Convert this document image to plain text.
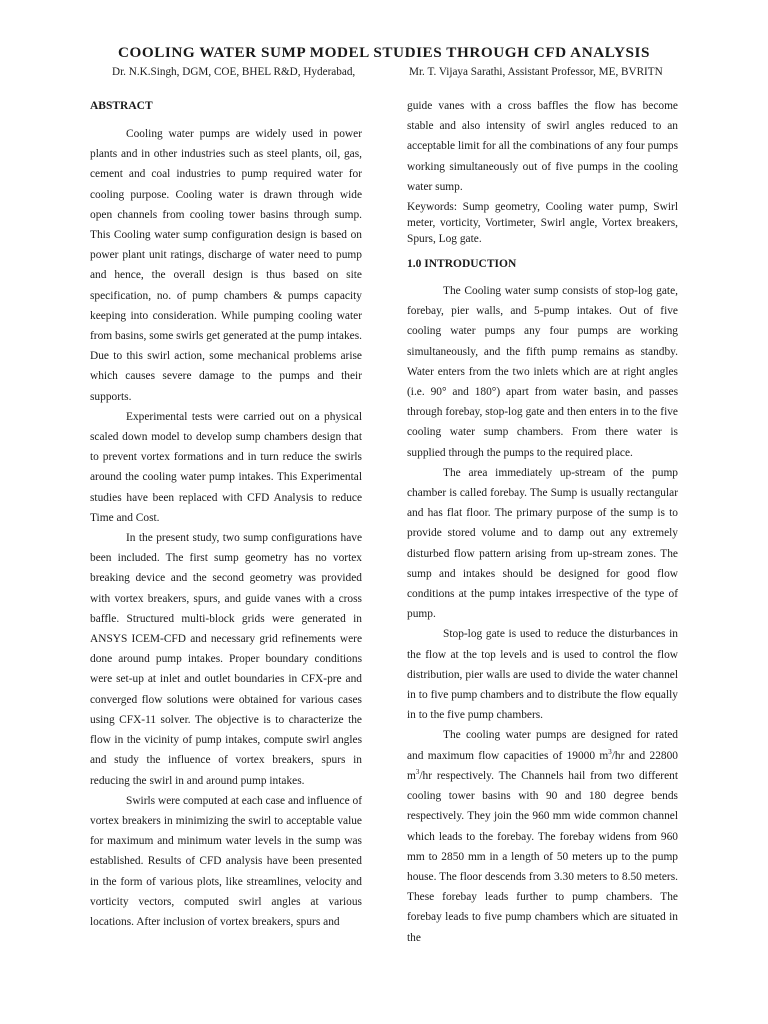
COOLING WATER SUMP MODEL STUDIES THROUGH CFD ANALYSIS

Dr. N.K.Singh, DGM, COE, BHEL R&D, Hyderabad,	Mr. T. Vijaya Sarathi, Assistant Professor, ME, BVRITN

ABSTRACT

Cooling water pumps are widely used in power plants and in other industries such as steel plants, oil, gas, cement and coal industries to pump required water for cooling purpose. Cooling water is drawn through wide open channels from cooling tower basins through sump. This Cooling water sump configuration design is based on power plant unit ratings, discharge of water need to pump and hence, the overall design is thus based on site specification, no. of pump chambers & pumps capacity keeping into consideration. While pumping cooling water from basins, some swirls get generated at the pump intakes. Due to this swirl action, some mechanical problems arise which causes severe damage to the pumps and their supports.

Experimental tests were carried out on a physical scaled down model to develop sump chambers design that to prevent vortex formations and in turn reduce the swirls around the cooling water pump intakes. This Experimental studies have been replaced with CFD Analysis to reduce Time and Cost.

In the present study, two sump configurations have been included. The first sump geometry has no vortex breaking device and the second geometry was provided with vortex breakers, spurs, and guide vanes with a cross baffle. Structured multi-block grids were generated in ANSYS ICEM-CFD and necessary grid refinements were done around pump intakes. Proper boundary conditions were set-up at inlet and outlet boundaries in CFX-pre and converged flow solutions were obtained for various cases using CFX-11 solver. The objective is to characterize the flow in the vicinity of pump intakes, compute swirl angles and study the influence of vortex breakers, spurs in reducing the swirl in and around pump intakes.

Swirls were computed at each case and influence of vortex breakers in minimizing the swirl to acceptable value for maximum and minimum water levels in the sump was established. Results of CFD analysis have been presented in the form of various plots, like streamlines, velocity and vorticity vectors, computed swirl angles at various locations. After inclusion of vortex breakers, spurs and

guide vanes with a cross baffles the flow has become stable and also intensity of swirl angles reduced to an acceptable limit for all the combinations of any four pumps working simultaneously out of five pumps in the cooling water sump.

Keywords: Sump geometry, Cooling water pump, Swirl meter, vorticity, Vortimeter, Swirl angle, Vortex breakers, Spurs, Log gate.

1.0 INTRODUCTION

The Cooling water sump consists of stop-log gate, forebay, pier walls, and 5-pump intakes. Out of five cooling water pumps any four pumps are working simultaneously, and the fifth pump remains as standby. Water enters from the two inlets which are at right angles (i.e. 90° and 180°) apart from water basin, and passes through forebay, stop-log gate and then enters in to the five cooling water sump chambers. From there water is supplied through the pumps to the required place.

The area immediately up-stream of the pump chamber is called forebay. The Sump is usually rectangular and has flat floor. The primary purpose of the sump is to provide stored volume and to damp out any extremely disturbed flow pattern arising from up-stream zones. The sump and intakes should be designed for good flow conditions at the pump intakes irrespective of the type of pump.

Stop-log gate is used to reduce the disturbances in the flow at the top levels and is used to control the flow distribution, pier walls are used to divide the water channel in to five pump chambers and to distribute the flow equally in to the five pump chambers.

The cooling water pumps are designed for rated and maximum flow capacities of 19000 $m^3/hr$ and 22800 $m^3/hr$ respectively. The Channels hail from two different cooling tower basins with 90 and 180 degree bends respectively. They join the 960 mm wide common channel which leads to the forebay. The forebay widens from 960 mm to 2850 mm in a length of 50 meters up to the pump house. The floor descends from 3.30 meters to 8.50 meters. These forebay leads further to pump chambers. The forebay leads to five pump chambers which are situated in the
